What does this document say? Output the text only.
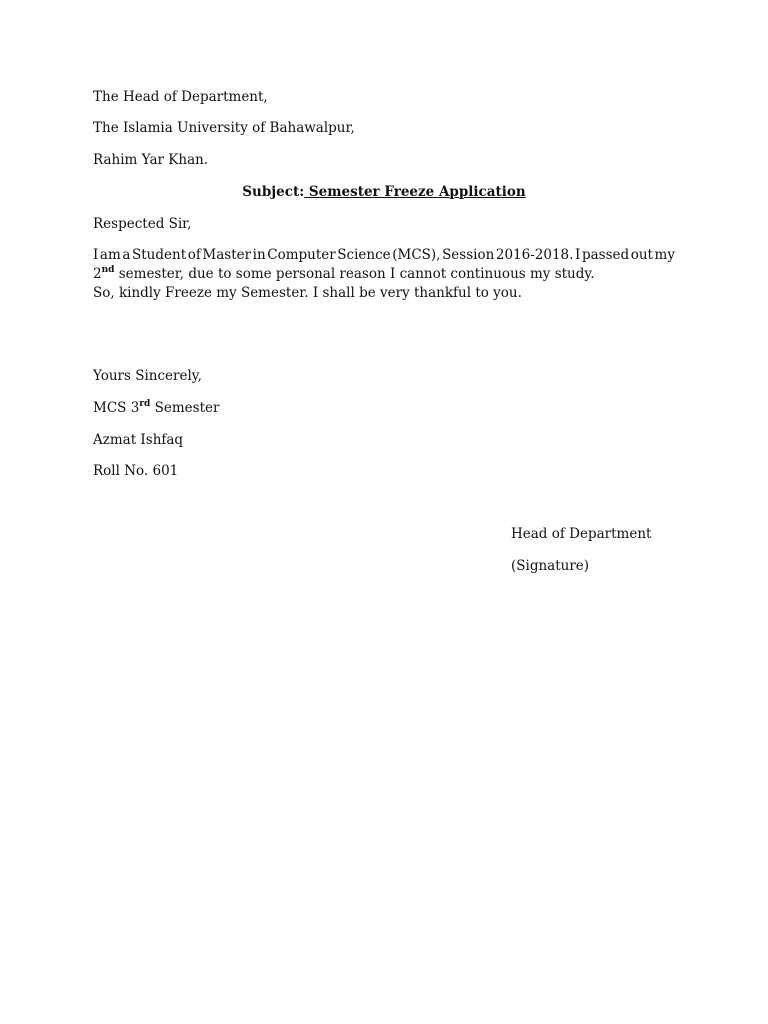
The Head of Department,
The Islamia University of Bahawalpur,
Rahim Yar Khan.
Subject: Semester Freeze Application
Respected Sir,
I am a Student of Master in Computer Science (MCS), Session 2016-2018. I passed out my
2nd semester, due to some personal reason I cannot continuous my study.
So, kindly Freeze my Semester. I shall be very thankful to you.
Yours Sincerely,
MCS 3rd Semester
Azmat Ishfaq
Roll No. 601
Head of Department
(Signature)
